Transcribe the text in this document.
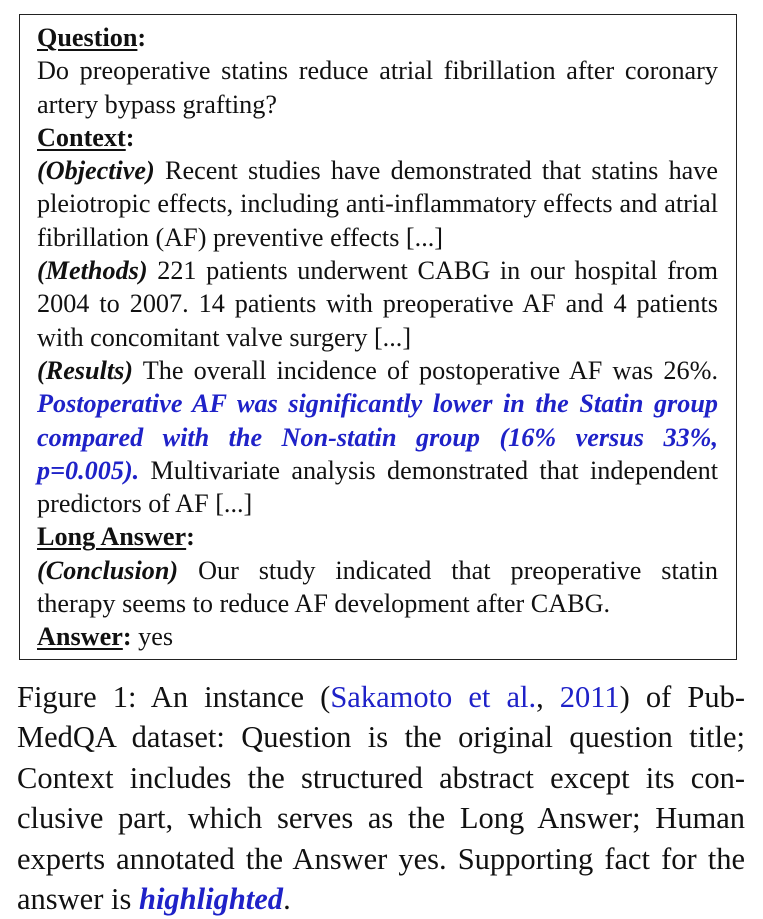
Question:

Do preoperative statins reduce atrial fibrillation after coronary artery bypass grafting?

Context:

(Objective) Recent studies have demonstrated that statins have pleiotropic effects, including anti-inflammatory effects and atrial fibrillation (AF) preventive effects [...]

(Methods) 221 patients underwent CABG in our hospital from 2004 to 2007. 14 patients with preoperative AF and 4 patients with concomitant valve surgery [...]

(Results) The overall incidence of postoperative AF was 26%. Postoperative AF was significantly lower in the Statin group compared with the Non-statin group (16% versus 33%, p=0.005). Multivariate analysis demonstrated that independent predictors of AF [...]

Long Answer:

(Conclusion) Our study indicated that preoperative statin therapy seems to reduce AF development after CABG.

Answer: yes

Figure 1: An instance (Sakamoto et al., 2011) of PubMedQA dataset: Question is the original question title; Context includes the structured abstract except its conclusive part, which serves as the Long Answer; Human experts annotated the Answer yes. Supporting fact for the answer is highlighted.
